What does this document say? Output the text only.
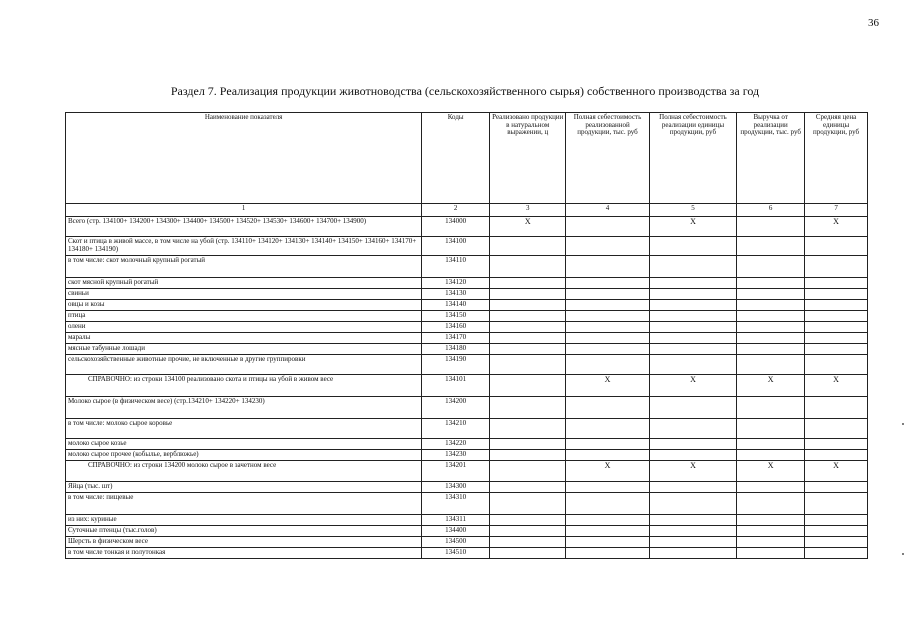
36
Раздел 7. Реализация продукции животноводства (сельскохозяйственного сырья) собственного производства за год
Наименование показателя	Коды	Реализовано продукции в натуральном выражении, ц	Полная себестоимость реализованной продукции, тыс. руб	Полная себестоимость реализации единицы продукции, руб	Выручка от реализации продукции, тыс. руб	Средняя цена единицы продукции, руб
1	2	3	4	5	6	7
Всего (стр. 134100+ 134200+ 134300+ 134400+ 134500+ 134520+ 134530+ 134600+ 134700+ 134900)	134000	X		X		X
Скот и птица в живой массе, в том числе на убой (стр. 134110+ 134120+ 134130+ 134140+ 134150+ 134160+ 134170+ 134180+ 134190)	134100					
в том числе: скот молочный крупный рогатый	134110					
скот мясной крупный рогатый	134120					
свиньи	134130					
овцы и козы	134140					
птица	134150					
олени	134160					
маралы	134170					
мясные табунные лошади	134180					
сельскохозяйственные животные прочие, не включенные в другие группировки	134190					
СПРАВОЧНО: из строки 134100 реализовано скота и птицы на убой в живом весе	134101		X	X	X	X
Молоко сырое (в физическом весе) (стр.134210+ 134220+ 134230)	134200					
в том числе: молоко сырое коровье	134210					
молоко сырое козье	134220					
молоко сырое прочее (кобылье, верблюжье)	134230					
СПРАВОЧНО: из строки 134200 молоко сырое в зачетном весе	134201		X	X	X	X
Яйца (тыс. шт)	134300					
в том числе: пищевые	134310					
из них: куриные	134311					
Суточные птенцы (тыс.голов)	134400					
Шерсть в физическом весе	134500					
в том числе тонкая и полутонкая	134510					
